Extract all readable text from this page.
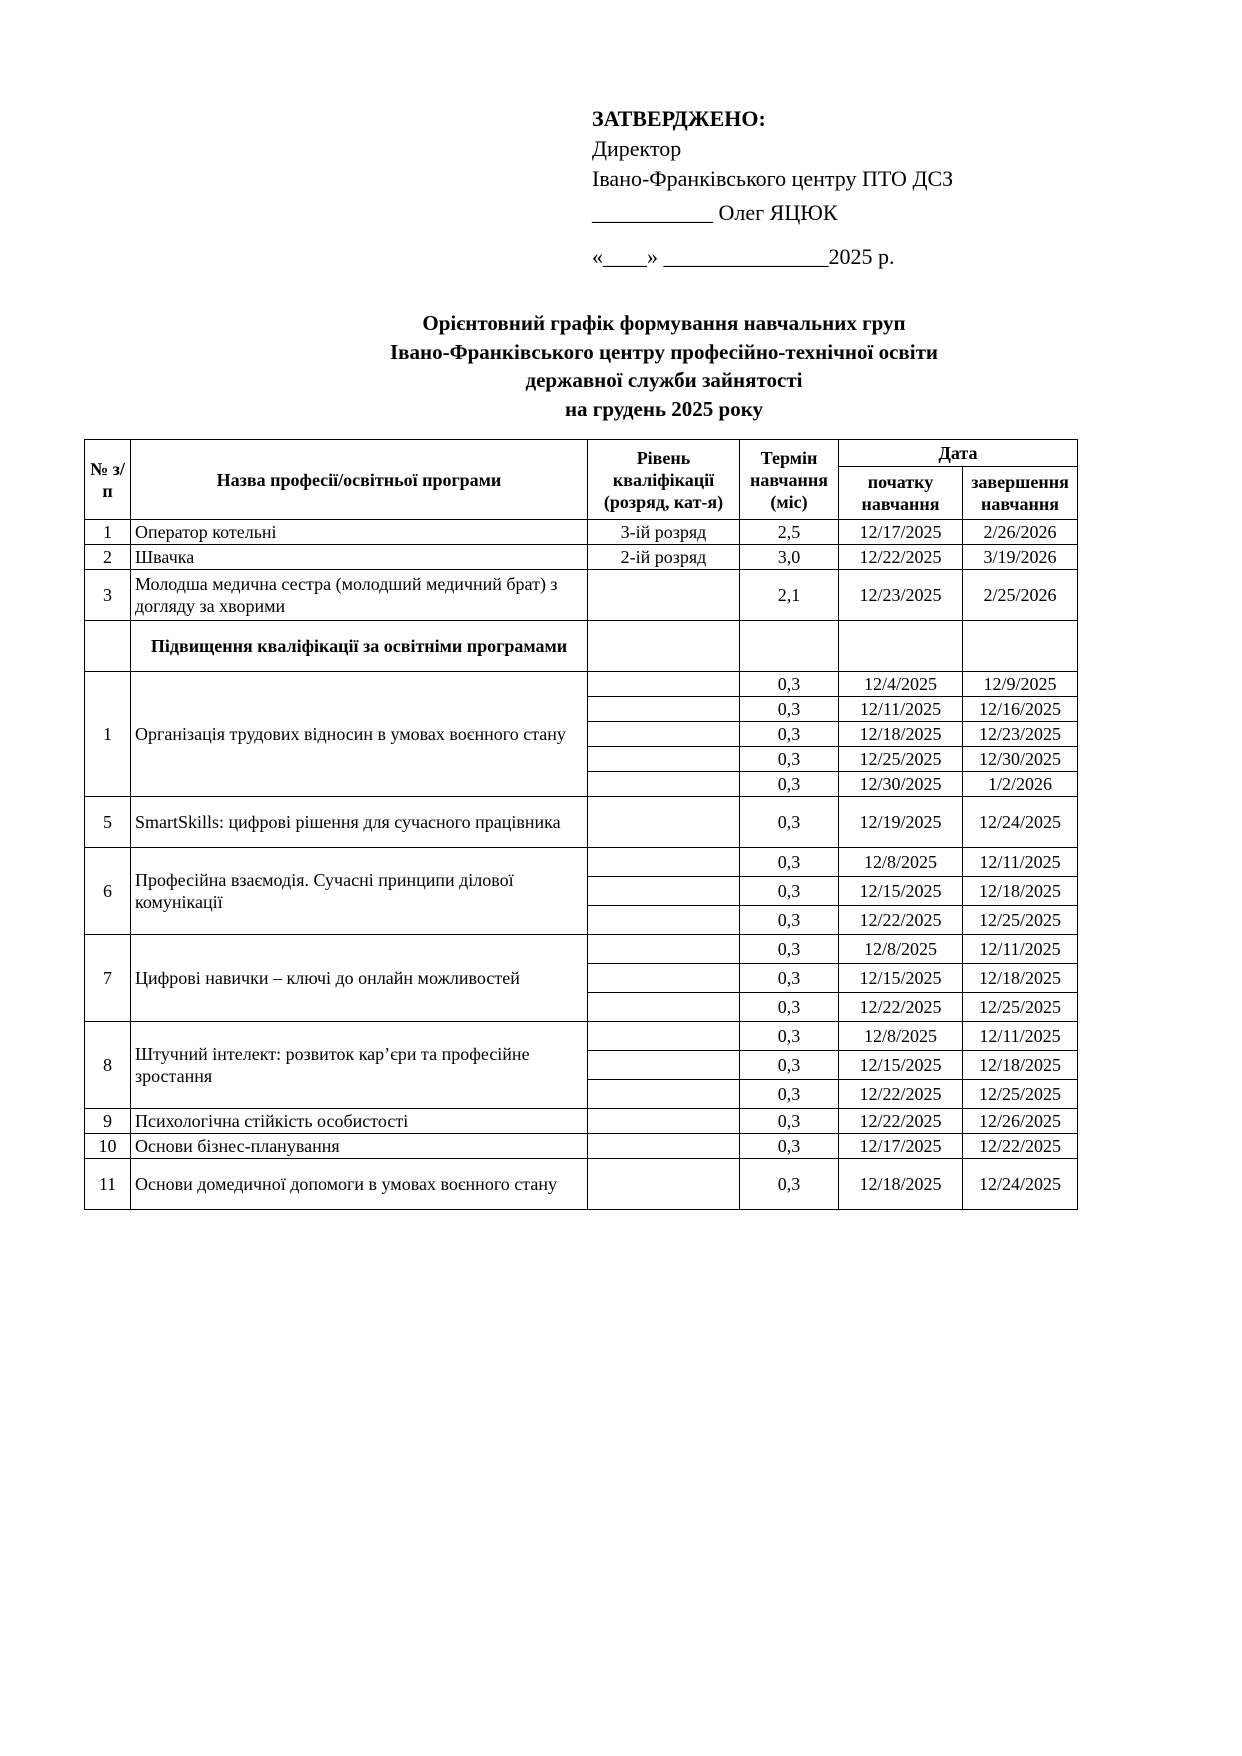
ЗАТВЕРДЖЕНО:
Директор
Івано-Франківського центру ПТО ДСЗ
___________ Олег ЯЦЮК
«____» _______________2025 р.
Орієнтовний графік формування навчальних груп
Івано-Франківського центру професійно-технічної освіти
державної служби зайнятості
на грудень 2025 року
№ з/п	Назва професії/освітньої програми	Рівень кваліфікації (розряд, кат-я)	Термін навчання (міс)	Дата	
				початку навчання	завершення навчання
1	Оператор котельні	3-ій розряд	2,5	12/17/2025	2/26/2026
2	Швачка	2-ій розряд	3,0	12/22/2025	3/19/2026
3	Молодша медична сестра (молодший медичний брат) з догляду за хворими		2,1	12/23/2025	2/25/2026
	Підвищення кваліфікації за освітніми програмами				
1	Організація трудових відносин в умовах воєнного стану		0,3	12/4/2025	12/9/2025
			0,3	12/11/2025	12/16/2025
			0,3	12/18/2025	12/23/2025
			0,3	12/25/2025	12/30/2025
			0,3	12/30/2025	1/2/2026
5	SmartSkills: цифрові рішення для сучасного працівника		0,3	12/19/2025	12/24/2025
6	Професійна взаємодія. Сучасні принципи ділової комунікації		0,3	12/8/2025	12/11/2025
			0,3	12/15/2025	12/18/2025
			0,3	12/22/2025	12/25/2025
7	Цифрові навички – ключі до онлайн можливостей		0,3	12/8/2025	12/11/2025
			0,3	12/15/2025	12/18/2025
			0,3	12/22/2025	12/25/2025
8	Штучний інтелект: розвиток кар’єри та професійне зростання		0,3	12/8/2025	12/11/2025
			0,3	12/15/2025	12/18/2025
			0,3	12/22/2025	12/25/2025
9	Психологічна стійкість особистості		0,3	12/22/2025	12/26/2025
10	Основи бізнес-планування		0,3	12/17/2025	12/22/2025
11	Основи домедичної допомоги в умовах воєнного стану		0,3	12/18/2025	12/24/2025
